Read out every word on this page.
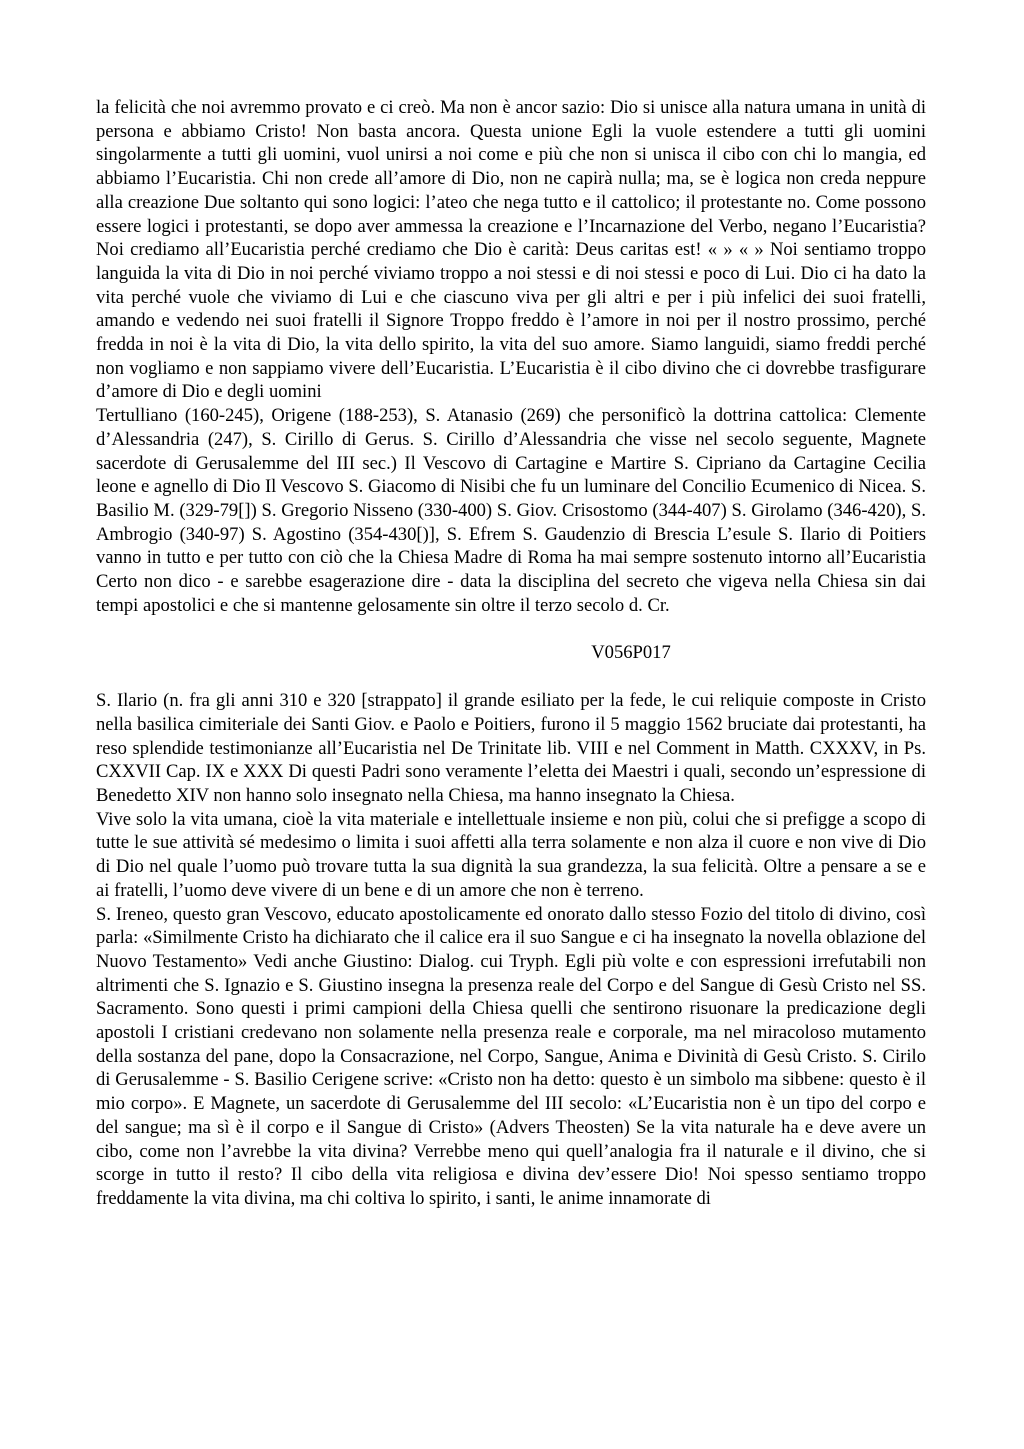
la felicità che noi avremmo provato e ci creò. Ma non è ancor sazio: Dio si unisce alla natura umana in unità di persona e abbiamo Cristo! Non basta ancora. Questa unione Egli la vuole estendere a tutti gli uomini singolarmente a tutti gli uomini, vuol unirsi a noi come e più che non si unisca il cibo con chi lo mangia, ed abbiamo l’Eucaristia. Chi non crede all’amore di Dio, non ne capirà nulla; ma, se è logica non creda neppure alla creazione Due soltanto qui sono logici: l’ateo che nega tutto e il cattolico; il protestante no. Come possono essere logici i protestanti, se dopo aver ammessa la creazione e l’Incarnazione del Verbo, negano l’Eucaristia? Noi crediamo all’Eucaristia perché crediamo che Dio è carità: Deus caritas est! « » « » Noi sentiamo troppo languida la vita di Dio in noi perché viviamo troppo a noi stessi e di noi stessi e poco di Lui. Dio ci ha dato la vita perché vuole che viviamo di Lui e che ciascuno viva per gli altri e per i più infelici dei suoi fratelli, amando e vedendo nei suoi fratelli il Signore Troppo freddo è l’amore in noi per il nostro prossimo, perché fredda in noi è la vita di Dio, la vita dello spirito, la vita del suo amore. Siamo languidi, siamo freddi perché non vogliamo e non sappiamo vivere dell’Eucaristia. L’Eucaristia è il cibo divino che ci dovrebbe trasfigurare d’amore di Dio e degli uomini

Tertulliano (160-245), Origene (188-253), S. Atanasio (269) che personificò la dottrina cattolica: Clemente d’Alessandria (247), S. Cirillo di Gerus. S. Cirillo d’Alessandria che visse nel secolo seguente, Magnete sacerdote di Gerusalemme del III sec.) Il Vescovo di Cartagine e Martire S. Cipriano da Cartagine Cecilia leone e agnello di Dio Il Vescovo S. Giacomo di Nisibi che fu un luminare del Concilio Ecumenico di Nicea. S. Basilio M. (329-79[]) S. Gregorio Nisseno (330-400) S. Giov. Crisostomo (344-407) S. Girolamo (346-420), S. Ambrogio (340-97) S. Agostino (354-430[)], S. Efrem S. Gaudenzio di Brescia L’esule S. Ilario di Poitiers vanno in tutto e per tutto con ciò che la Chiesa Madre di Roma ha mai sempre sostenuto intorno all’Eucaristia Certo non dico - e sarebbe esagerazione dire - data la disciplina del secreto che vigeva nella Chiesa sin dai tempi apostolici e che si mantenne gelosamente sin oltre il terzo secolo d. Cr.

V056P017

S. Ilario (n. fra gli anni 310 e 320 [strappato] il grande esiliato per la fede, le cui reliquie composte in Cristo nella basilica cimiteriale dei Santi Giov. e Paolo e Poitiers, furono il 5 maggio 1562 bruciate dai protestanti, ha reso splendide testimonianze all’Eucaristia nel De Trinitate lib. VIII e nel Comment in Matth. CXXXV, in Ps. CXXVII Cap. IX e XXX Di questi Padri sono veramente l’eletta dei Maestri i quali, secondo un’espressione di Benedetto XIV non hanno solo insegnato nella Chiesa, ma hanno insegnato la Chiesa.

Vive solo la vita umana, cioè la vita materiale e intellettuale insieme e non più, colui che si prefigge a scopo di tutte le sue attività sé medesimo o limita i suoi affetti alla terra solamente e non alza il cuore e non vive di Dio di Dio nel quale l’uomo può trovare tutta la sua dignità la sua grandezza, la sua felicità. Oltre a pensare a se e ai fratelli, l’uomo deve vivere di un bene e di un amore che non è terreno.

S. Ireneo, questo gran Vescovo, educato apostolicamente ed onorato dallo stesso Fozio del titolo di divino, così parla: «Similmente Cristo ha dichiarato che il calice era il suo Sangue e ci ha insegnato la novella oblazione del Nuovo Testamento» Vedi anche Giustino: Dialog. cui Tryph. Egli più volte e con espressioni irrefutabili non altrimenti che S. Ignazio e S. Giustino insegna la presenza reale del Corpo e del Sangue di Gesù Cristo nel SS. Sacramento. Sono questi i primi campioni della Chiesa quelli che sentirono risuonare la predicazione degli apostoli I cristiani credevano non solamente nella presenza reale e corporale, ma nel miracoloso mutamento della sostanza del pane, dopo la Consacrazione, nel Corpo, Sangue, Anima e Divinità di Gesù Cristo. S. Cirilo di Gerusalemme - S. Basilio Cerigene scrive: «Cristo non ha detto: questo è un simbolo ma sibbene: questo è il mio corpo». E Magnete, un sacerdote di Gerusalemme del III secolo: «L’Eucaristia non è un tipo del corpo e del sangue; ma sì è il corpo e il Sangue di Cristo» (Advers Theosten) Se la vita naturale ha e deve avere un cibo, come non l’avrebbe la vita divina? Verrebbe meno qui quell’analogia fra il naturale e il divino, che si scorge in tutto il resto? Il cibo della vita religiosa e divina dev’essere Dio! Noi spesso sentiamo troppo freddamente la vita divina, ma chi coltiva lo spirito, i santi, le anime innamorate di
